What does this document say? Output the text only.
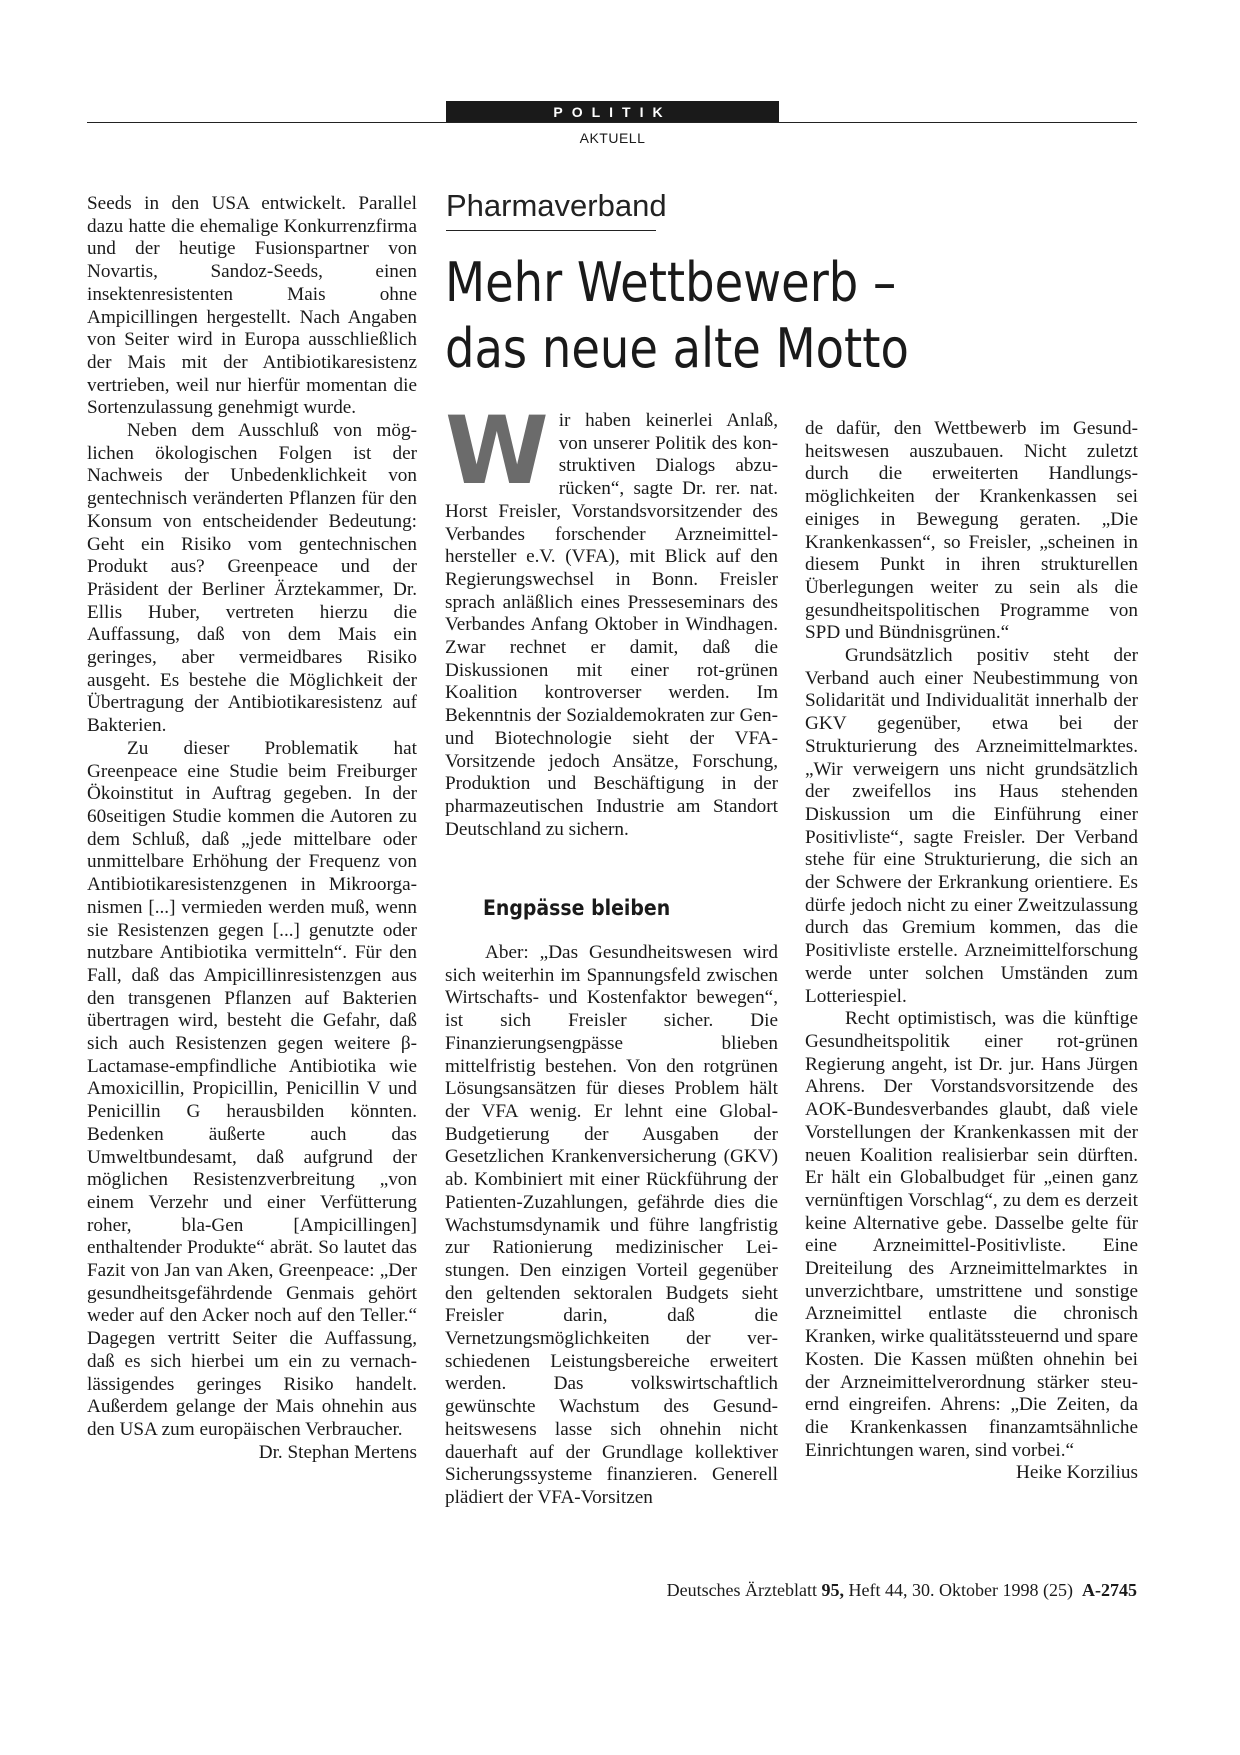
POLITIK
AKTUELL

Seeds in den USA entwickelt. Parallel dazu hatte die ehemalige Konkurrenzfirma und der heutige Fusionspartner von Novartis, Sandoz-Seeds, einen insektenresistenten Mais ohne Ampicillingen hergestellt. Nach Angaben von Seiter wird in Europa ausschließlich der Mais mit der Antibiotikaresistenz vertrieben, weil nur hierfür momentan die Sortenzulassung genehmigt wurde.

Neben dem Ausschluß von möglichen ökologischen Folgen ist der Nachweis der Unbedenklichkeit von gentechnisch veränderten Pflanzen für den Konsum von entscheidender Bedeutung: Geht ein Risiko vom gentechnischen Produkt aus? Greenpeace und der Präsident der Berliner Ärztekammer, Dr. Ellis Huber, vertreten hierzu die Auffassung, daß von dem Mais ein geringes, aber vermeidbares Risiko ausgeht. Es bestehe die Möglichkeit der Übertragung der Antibiotikaresistenz auf Bakterien.

Zu dieser Problematik hat Greenpeace eine Studie beim Freiburger Ökoinstitut in Auftrag gegeben. In der 60seitigen Studie kommen die Autoren zu dem Schluß, daß „jede mittelbare oder unmittelbare Erhöhung der Frequenz von Antibiotikaresistenzgenen in Mikroorganismen [...] vermieden werden muß, wenn sie Resistenzen gegen [...] genutzte oder nutzbare Antibiotika vermitteln“. Für den Fall, daß das Ampicillinresistenzgen aus den transgenen Pflanzen auf Bakterien übertragen wird, besteht die Gefahr, daß sich auch Resistenzen gegen weitere β-Lactamase-empfindliche Antibiotika wie Amoxicillin, Propicillin, Penicillin V und Penicillin G herausbilden könnten. Bedenken äußerte auch das Umweltbundesamt, daß aufgrund der möglichen Resistenzverbreitung „von einem Verzehr und einer Verfütterung roher, bla-Gen [Ampicillingen] enthaltender Produkte“ abrät. So lautet das Fazit von Jan van Aken, Greenpeace: „Der gesundheitsgefährdende Genmais gehört weder auf den Acker noch auf den Teller.“ Dagegen vertritt Seiter die Auffassung, daß es sich hierbei um ein zu vernachlässigendes geringes Risiko handelt. Außerdem gelange der Mais ohnehin aus den USA zum europäischen Verbraucher.

Dr. Stephan Mertens

Pharmaverband
Mehr Wettbewerb –
das neue alte Motto

Wir haben keinerlei Anlaß, von unserer Politik des konstruktiven Dialogs abzurücken“, sagte Dr. rer. nat. Horst Freisler, Vorstandsvorsitzender des Verbandes forschender Arzneimittelhersteller e.V. (VFA), mit Blick auf den Regierungswechsel in Bonn. Freisler sprach anläßlich eines Presseseminars des Verbandes Anfang Oktober in Windhagen. Zwar rechnet er damit, daß die Diskussionen mit einer rot-grünen Koalition kontroverser werden. Im Bekenntnis der Sozialdemokraten zur Gen- und Biotechnologie sieht der VFA-Vorsitzende jedoch Ansätze, Forschung, Produktion und Beschäftigung in der pharmazeutischen Industrie am Standort Deutschland zu sichern.

Engpässe bleiben

Aber: „Das Gesundheitswesen wird sich weiterhin im Spannungsfeld zwischen Wirtschafts- und Kostenfaktor bewegen“, ist sich Freisler sicher. Die Finanzierungsengpässe blieben mittelfristig bestehen. Von den rotgrünen Lösungsansätzen für dieses Problem hält der VFA wenig. Er lehnt eine Global-Budgetierung der Ausgaben der Gesetzlichen Krankenversicherung (GKV) ab. Kombiniert mit einer Rückführung der Patienten-Zuzahlungen, gefährde dies die Wachstumsdynamik und führe langfristig zur Rationierung medizinischer Leistungen. Den einzigen Vorteil gegenüber den geltenden sektoralen Budgets sieht Freisler darin, daß die Vernetzungsmöglichkeiten der verschiedenen Leistungsbereiche erweitert werden. Das volkswirtschaftlich gewünschte Wachstum des Gesundheitswesens lasse sich ohnehin nicht dauerhaft auf der Grundlage kollektiver Sicherungssysteme finanzieren. Generell plädiert der VFA-Vorsitzen

de dafür, den Wettbewerb im Gesundheitswesen auszubauen. Nicht zuletzt durch die erweiterten Handlungsmöglichkeiten der Krankenkassen sei einiges in Bewegung geraten. „Die Krankenkassen“, so Freisler, „scheinen in diesem Punkt in ihren strukturellen Überlegungen weiter zu sein als die gesundheitspolitischen Programme von SPD und Bündnisgrünen.“

Grundsätzlich positiv steht der Verband auch einer Neubestimmung von Solidarität und Individualität innerhalb der GKV gegenüber, etwa bei der Strukturierung des Arzneimittelmarktes. „Wir verweigern uns nicht grundsätzlich der zweifellos ins Haus stehenden Diskussion um die Einführung einer Positivliste“, sagte Freisler. Der Verband stehe für eine Strukturierung, die sich an der Schwere der Erkrankung orientiere. Es dürfe jedoch nicht zu einer Zweitzulassung durch das Gremium kommen, das die Positivliste erstelle. Arzneimittelforschung werde unter solchen Umständen zum Lotteriespiel.

Recht optimistisch, was die künftige Gesundheitspolitik einer rot-grünen Regierung angeht, ist Dr. jur. Hans Jürgen Ahrens. Der Vorstandsvorsitzende des AOK-Bundesverbandes glaubt, daß viele Vorstellungen der Krankenkassen mit der neuen Koalition realisierbar sein dürften. Er hält ein Globalbudget für „einen ganz vernünftigen Vorschlag“, zu dem es derzeit keine Alternative gebe. Dasselbe gelte für eine Arzneimittel-Positivliste. Eine Dreiteilung des Arzneimittelmarktes in unverzichtbare, umstrittene und sonstige Arzneimittel entlaste die chronisch Kranken, wirke qualitätssteuernd und spare Kosten. Die Kassen müßten ohnehin bei der Arzneimittelverordnung stärker steuernd eingreifen. Ahrens: „Die Zeiten, da die Krankenkassen finanzamtsähnliche Einrichtungen waren, sind vorbei.“

Heike Korzilius

Deutsches Ärzteblatt 95, Heft 44, 30. Oktober 1998 (25) A-2745
